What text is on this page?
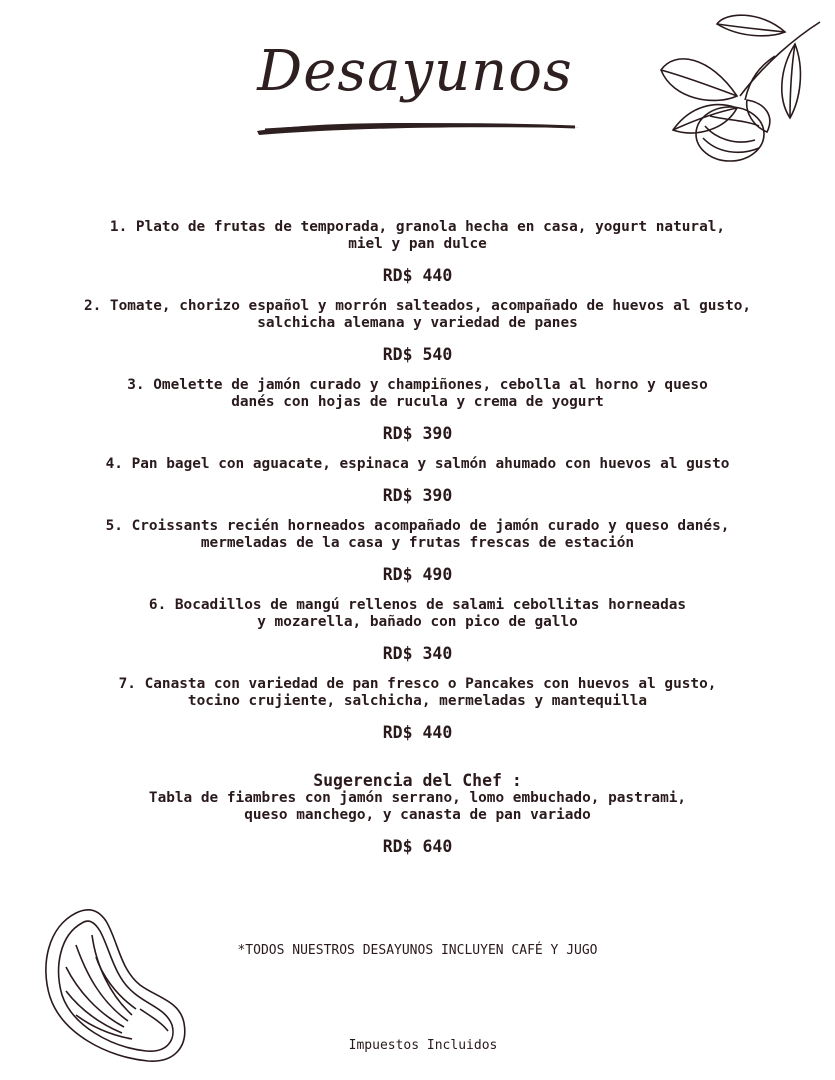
Desayunos
1. Plato de frutas de temporada, granola hecha en casa, yogurt natural,
miel y pan dulce
RD$ 440
2. Tomate, chorizo español y morrón salteados, acompañado de huevos al gusto,
salchicha alemana y variedad de panes
RD$ 540
3. Omelette de jamón curado y champiñones, cebolla al horno y queso
danés con hojas de rucula y crema de yogurt
RD$ 390
4. Pan bagel con aguacate, espinaca y salmón ahumado con huevos al gusto
RD$ 390
5. Croissants recién horneados acompañado de jamón curado y queso danés,
mermeladas de la casa y frutas frescas de estación
RD$ 490
6. Bocadillos de mangú rellenos de salami cebollitas horneadas
y mozarella, bañado con pico de gallo
RD$ 340
7. Canasta con variedad de pan fresco o Pancakes con huevos al gusto,
tocino crujiente, salchicha, mermeladas y mantequilla
RD$ 440
Sugerencia del Chef :
Tabla de fiambres con jamón serrano, lomo embuchado, pastrami,
queso manchego, y canasta de pan variado
RD$ 640
*TODOS NUESTROS DESAYUNOS INCLUYEN CAFÉ Y JUGO
Impuestos Incluidos
